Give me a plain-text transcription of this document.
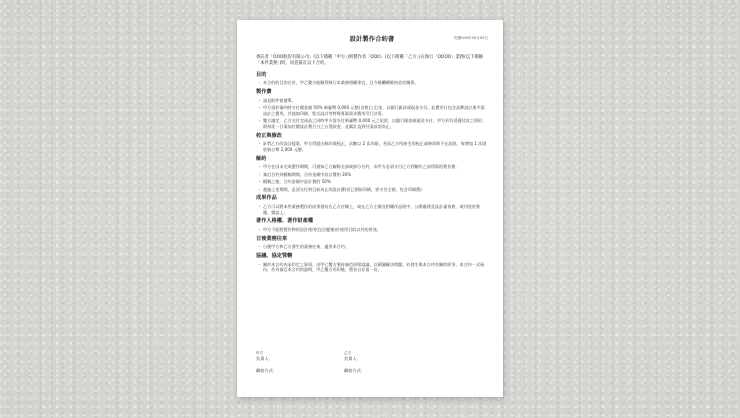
設計製作合約書	民國000年00月00日

委託者「OOO股份有限公司」(以下簡稱「甲方」)與製作者「OOO」(以下簡稱「乙方」)在執行「OOOO」業務(以下簡稱「本件業務」)時，同意簽訂以下合約。

目的
・ 本合約的目的在於，甲乙雙方能順利執行本業務相關事宜，且今後繼續維持信任關係。
製作費
・ 請見附件報價單。
・ 甲方須於簽約時支付總金額 50% 新臺幣 0,000 元整(含稅)之訂金，以銀行匯款或現金支付。此費用日包含品牌設計與平面設計之費用，其他如印刷、程式設計等特殊專案需求費用另行計算。
・ 雙方議定，乙方交付完成品之同時甲方需支付新臺幣 0,000 元之尾款，以銀行匯款或現金支付。甲方若有延遲付款之情形，則每延一日需加付總設計費百分之五罰款金，並累計直到付清款項為止。
校正與修改
・ 針對乙方的設計提案，甲方得提出修改與校正，次數以 2 次為限。若因乙方所產生的校正或修改則不在此限。每增加 1 次則收新台幣 2,000 元整。
解約
・ 甲方在因未完成製作期間，可通知乙方解除全部或部分合約，而甲方必須支付乙方到解約之前所需的製作費。
・ 簽訂合約到模稿期間，合約金額中設計費的 20%
・ 模稿之後，合約金額中設計費的 50%
・ 超過上述期間，必須支付到目前為止的設計費(若已開始印刷，要支付全額，包含印刷費)
成果作品
・ 乙方可以將本件業務製作的成果發布在乙方官網上，或在乙方主辦及相關作品展中，公開處理及設計審查會，或刊登於書籍、雜誌上。
著作人格權、著作財產權
・ 甲方不能將製作物的設計使用(包含變複)於使用目的以外的用途。
日後業務往來
・ 日後甲方和乙方發生的業務往來，適用本合約。
協議、協定管轄
・ 關於本合約內未約定之事項，由甲乙雙方秉持誠信原則協議，以圓滿解決問題。若發生與本合約有關的紛爭，本合約一式兩份，作為簽訂本合約的證明，甲乙雙方用印後，將各自存留一份。
甲方
負責人：
聯絡方式：
乙方
負責人：
聯絡方式：
